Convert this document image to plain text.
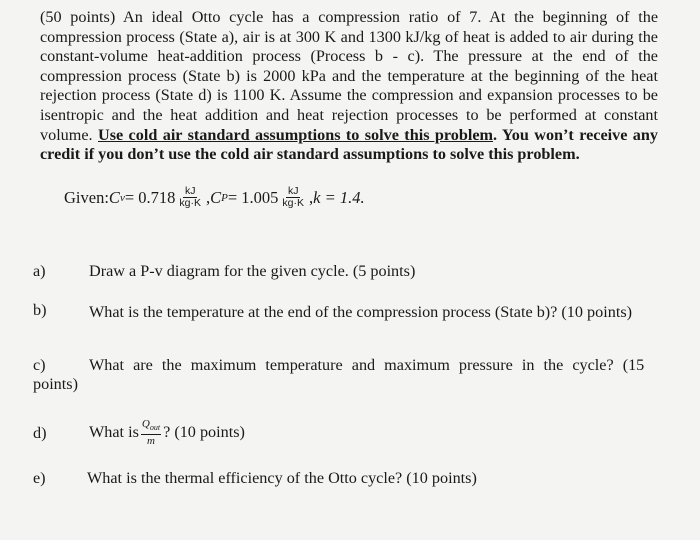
(50 points) An ideal Otto cycle has a compression ratio of 7. At the beginning of the compression process (State a), air is at 300 K and 1300 kJ/kg of heat is added to air during the constant-volume heat-addition process (Process b - c). The pressure at the end of the compression process (State b) is 2000 kPa and the temperature at the beginning of the heat rejection process (State d) is 1100 K. Assume the compression and expansion processes to be isentropic and the heat addition and heat rejection processes to be performed at constant volume. Use cold air standard assumptions to solve this problem. You won’t receive any credit if you don’t use the cold air standard assumptions to solve this problem.
Given: C $v = 0.718 \frac{kJ}{kg\cdot K}$ , C $P = 1.005 \frac{kJ}{kg\cdot K}$ , k = 1.4.
a)	Draw a P-v diagram for the given cycle. (5 points)
b)	What is the temperature at the end of the compression process (State b)? (10 points)
c)	What are the maximum temperature and maximum pressure in the cycle? (15
points)
d)	What is $Q_{out}$
m
? (10 points)
e)	What is the thermal efficiency of the Otto cycle? (10 points)
